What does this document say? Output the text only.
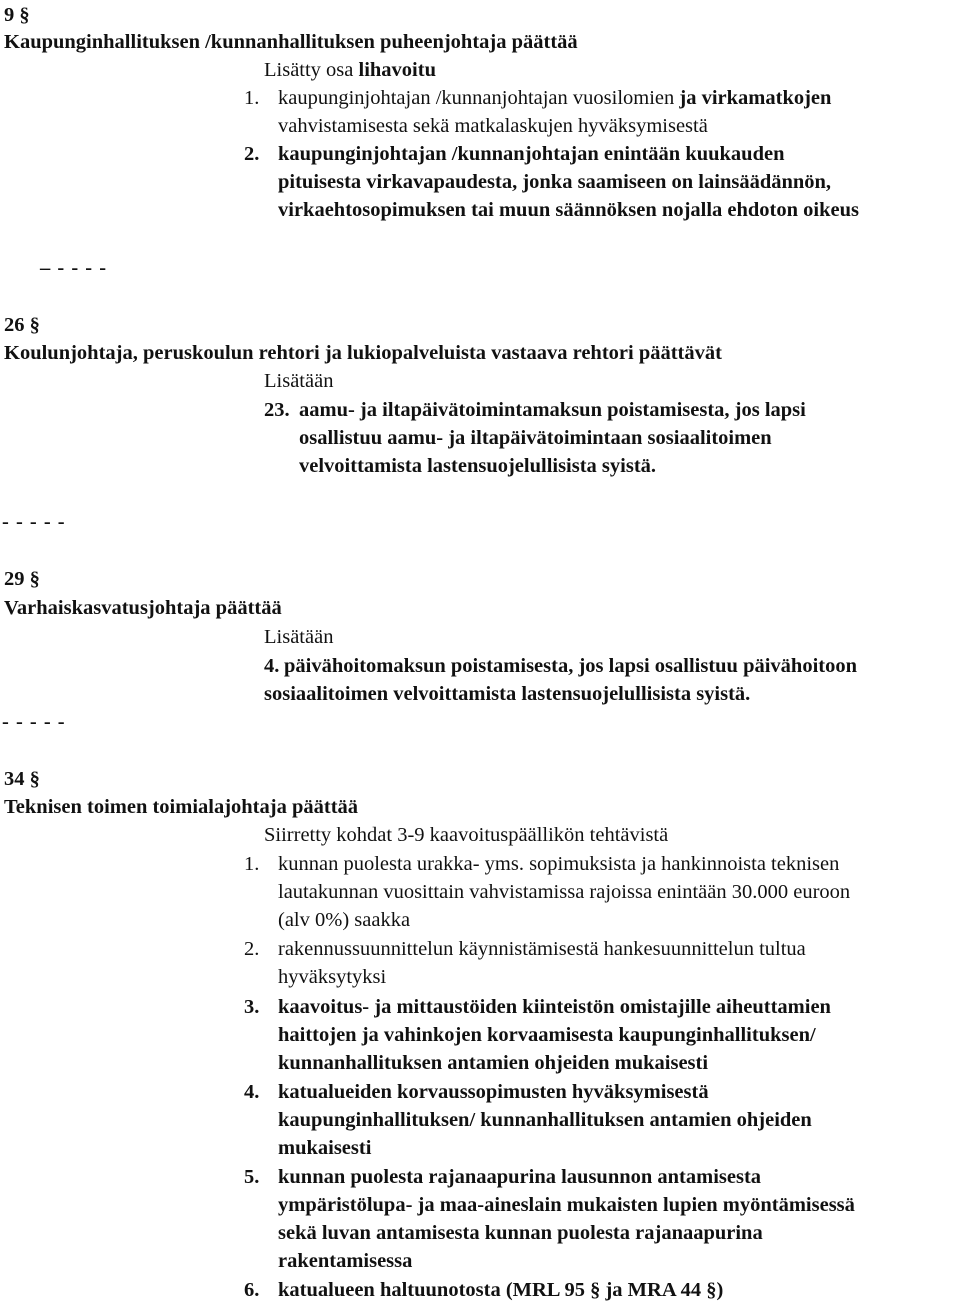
9 §
Kaupunginhallituksen /kunnanhallituksen puheenjohtaja päättää
Lisätty osa lihavoitu
1. kaupunginjohtajan /kunnanjohtajan vuosilomien ja virkamatkojen
vahvistamisesta sekä matkalaskujen hyväksymisestä
2. kaupunginjohtajan /kunnanjohtajan enintään kuukauden
pituisesta virkavapaudesta, jonka saamiseen on lainsäädännön,
virkaehtosopimuksen tai muun säännöksen nojalla ehdoton oikeus
– - - - -
26 §
Koulunjohtaja, peruskoulun rehtori ja lukiopalveluista vastaava rehtori päättävät
Lisätään
23. aamu- ja iltapäivätoimintamaksun poistamisesta, jos lapsi
osallistuu aamu- ja iltapäivätoimintaan sosiaalitoimen
velvoittamista lastensuojelullisista syistä.
- - - - -
29 §
Varhaiskasvatusjohtaja päättää
Lisätään
4. päivähoitomaksun poistamisesta, jos lapsi osallistuu päivähoitoon
sosiaalitoimen velvoittamista lastensuojelullisista syistä.
- - - - -
34 §
Teknisen toimen toimialajohtaja päättää
Siirretty kohdat 3-9 kaavoituspäällikön tehtävistä
1. kunnan puolesta urakka- yms. sopimuksista ja hankinnoista teknisen
lautakunnan vuosittain vahvistamissa rajoissa enintään 30.000 euroon
(alv 0%) saakka
2. rakennussuunnittelun käynnistämisestä hankesuunnittelun tultua
hyväksytyksi
3. kaavoitus- ja mittaustöiden kiinteistön omistajille aiheuttamien
haittojen ja vahinkojen korvaamisesta kaupunginhallituksen/
kunnanhallituksen antamien ohjeiden mukaisesti
4. katualueiden korvaussopimusten hyväksymisestä
kaupunginhallituksen/ kunnanhallituksen antamien ohjeiden
mukaisesti
5. kunnan puolesta rajanaapurina lausunnon antamisesta
ympäristölupa- ja maa-aineslain mukaisten lupien myöntämisessä
sekä luvan antamisesta kunnan puolesta rajanaapurina
rakentamisessa
6. katualueen haltuunotosta (MRL 95 § ja MRA 44 §)
